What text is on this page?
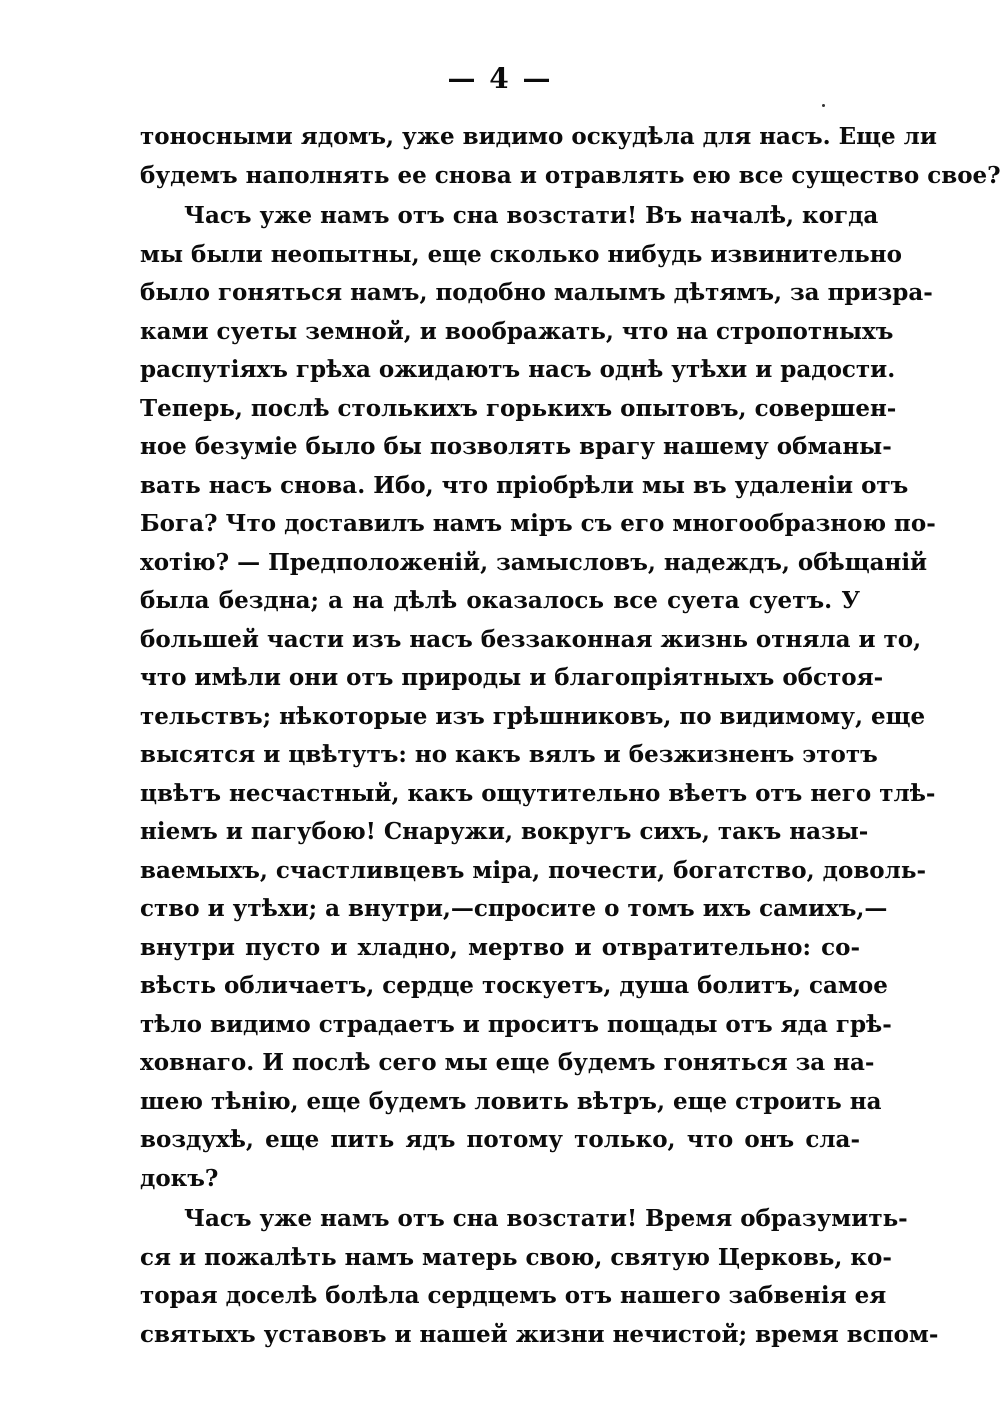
— 4 —
тоносными ядомъ, уже видимо оскудѣла для насъ. Еще ли
будемъ наполнять ее снова и отравлять ею все существо свое?
Часъ уже намъ отъ сна возстати! Въ началѣ, когда
мы были неопытны, еще сколько нибудь извинительно
было гоняться намъ, подобно малымъ дѣтямъ, за призра-
ками суеты земной, и воображать, что на стропотныхъ
распутіяхъ грѣха ожидаютъ насъ однѣ утѣхи и радости.
Теперь, послѣ столькихъ горькихъ опытовъ, совершен-
ное безуміе было бы позволять врагу нашему обманы-
вать насъ снова. Ибо, что пріобрѣли мы въ удаленіи отъ
Бога? Что доставилъ намъ міръ съ его многообразною по-
хотію? — Предположеній, замысловъ, надеждъ, обѣщаній
была бездна; а на дѣлѣ оказалось все суета суетъ. У
большей части изъ насъ беззаконная жизнь отняла и то,
что имѣли они отъ природы и благопріятныхъ обстоя-
тельствъ; нѣкоторые изъ грѣшниковъ, по видимому, еще
высятся и цвѣтутъ: но какъ вялъ и безжизненъ этотъ
цвѣтъ несчастный, какъ ощутительно вѣетъ отъ него тлѣ-
ніемъ и пагубою! Снаружи, вокругъ сихъ, такъ назы-
ваемыхъ, счастливцевъ міра, почести, богатство, доволь-
ство и утѣхи; а внутри,—спросите о томъ ихъ самихъ,—
внутри пусто и хладно, мертво и отвратительно: со-
вѣсть обличаетъ, сердце тоскуетъ, душа болитъ, самое
тѣло видимо страдаетъ и проситъ пощады отъ яда грѣ-
ховнаго. И послѣ сего мы еще будемъ гоняться за на-
шею тѣнію, еще будемъ ловить вѣтръ, еще строить на
воздухѣ, еще пить ядъ потому только, что онъ сла-
докъ?
Часъ уже намъ отъ сна возстати! Время образумить-
ся и пожалѣть намъ матерь свою, святую Церковь, ко-
торая доселѣ болѣла сердцемъ отъ нашего забвенія ея
святыхъ уставовъ и нашей жизни нечистой; время вспом-
